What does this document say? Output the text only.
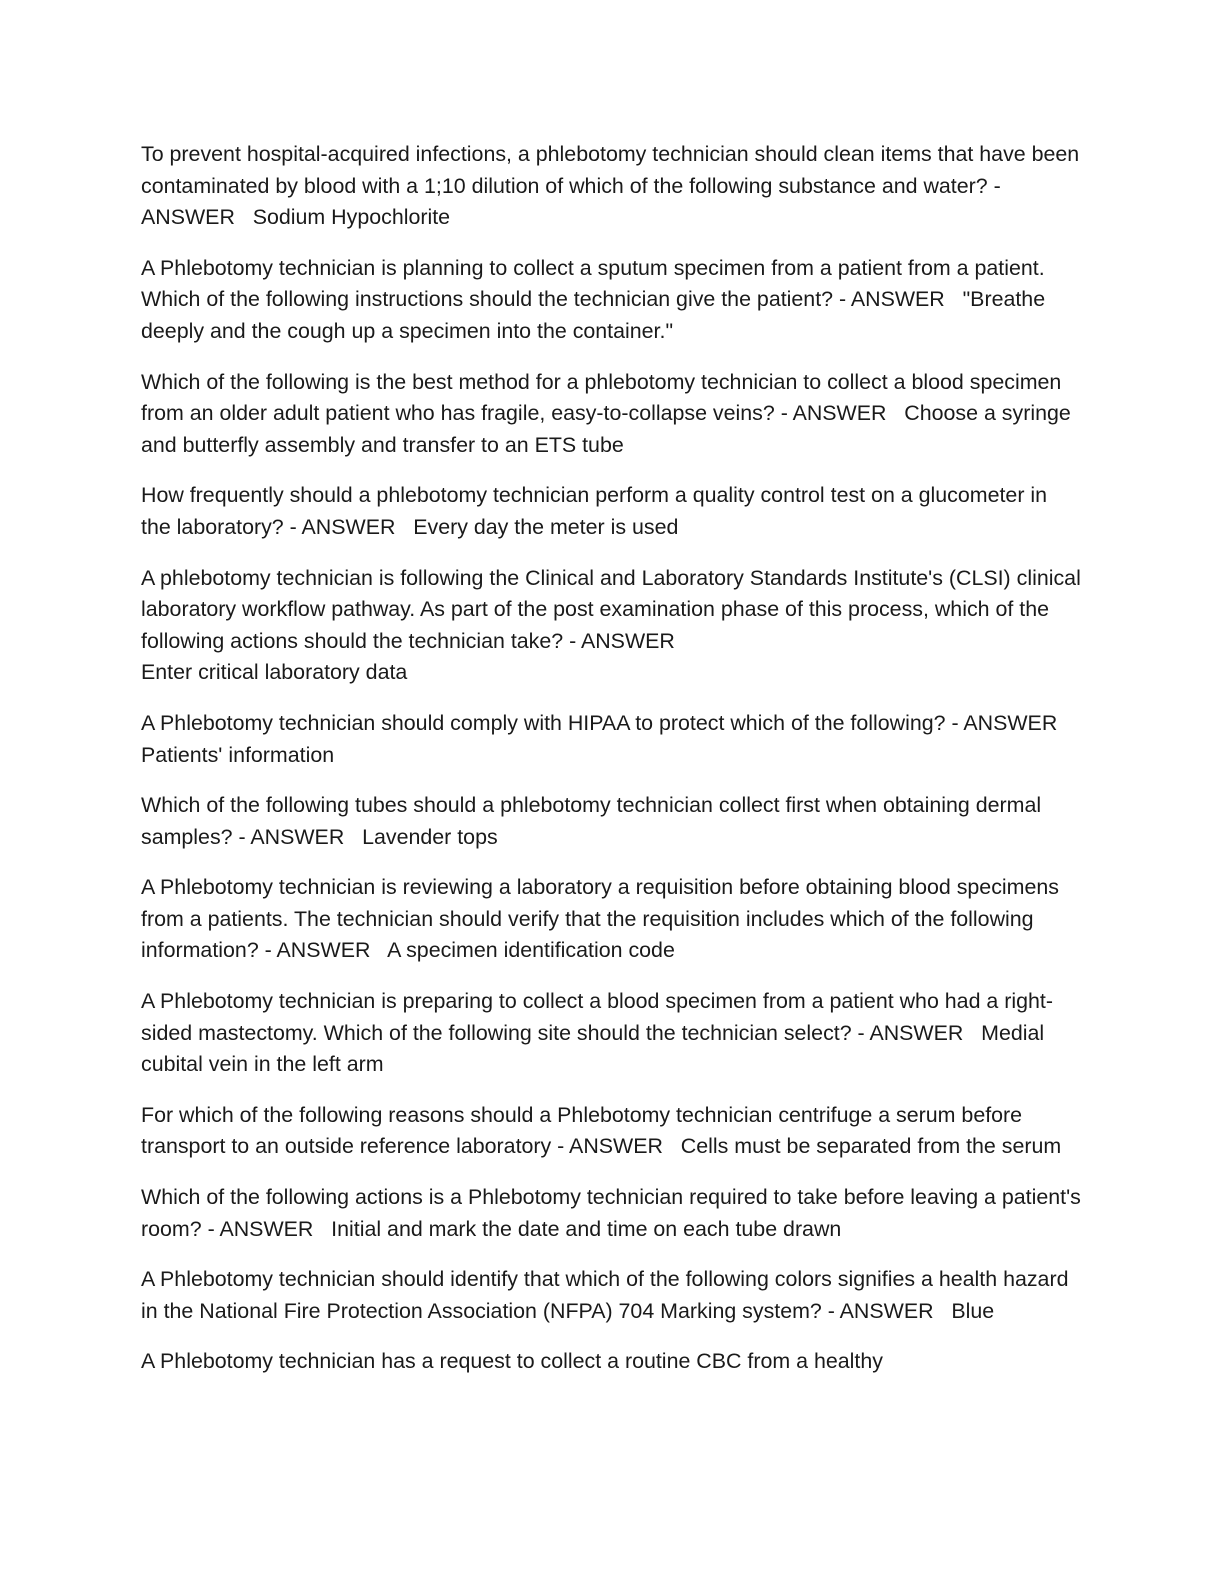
To prevent hospital-acquired infections, a phlebotomy technician should clean items that have been contaminated by blood with a 1;10 dilution of which of the following substance and water? - ANSWER   Sodium Hypochlorite

A Phlebotomy technician is planning to collect a sputum specimen from a patient from a patient. Which of the following instructions should the technician give the patient? - ANSWER   "Breathe deeply and the cough up a specimen into the container."

Which of the following is the best method for a phlebotomy technician to collect a blood specimen from an older adult patient who has fragile, easy-to-collapse veins? - ANSWER   Choose a syringe and butterfly assembly and transfer to an ETS tube

How frequently should a phlebotomy technician perform a quality control test on a glucometer in the laboratory? - ANSWER   Every day the meter is used

A phlebotomy technician is following the Clinical and Laboratory Standards Institute's (CLSI) clinical laboratory workflow pathway. As part of the post examination phase of this process, which of the following actions should the technician take? - ANSWER
Enter critical laboratory data

A Phlebotomy technician should comply with HIPAA to protect which of the following? - ANSWER   Patients' information

Which of the following tubes should a phlebotomy technician collect first when obtaining dermal samples? - ANSWER   Lavender tops

A Phlebotomy technician is reviewing a laboratory a requisition before obtaining blood specimens from a patients. The technician should verify that the requisition includes which of the following information? - ANSWER   A specimen identification code

A Phlebotomy technician is preparing to collect a blood specimen from a patient who had a right-sided mastectomy. Which of the following site should the technician select? - ANSWER   Medial cubital vein in the left arm

For which of the following reasons should a Phlebotomy technician centrifuge a serum before transport to an outside reference laboratory - ANSWER   Cells must be separated from the serum

Which of the following actions is a Phlebotomy technician required to take before leaving a patient's room? - ANSWER   Initial and mark the date and time on each tube drawn

A Phlebotomy technician should identify that which of the following colors signifies a health hazard in the National Fire Protection Association (NFPA) 704 Marking system? - ANSWER   Blue

A Phlebotomy technician has a request to collect a routine CBC from a healthy
